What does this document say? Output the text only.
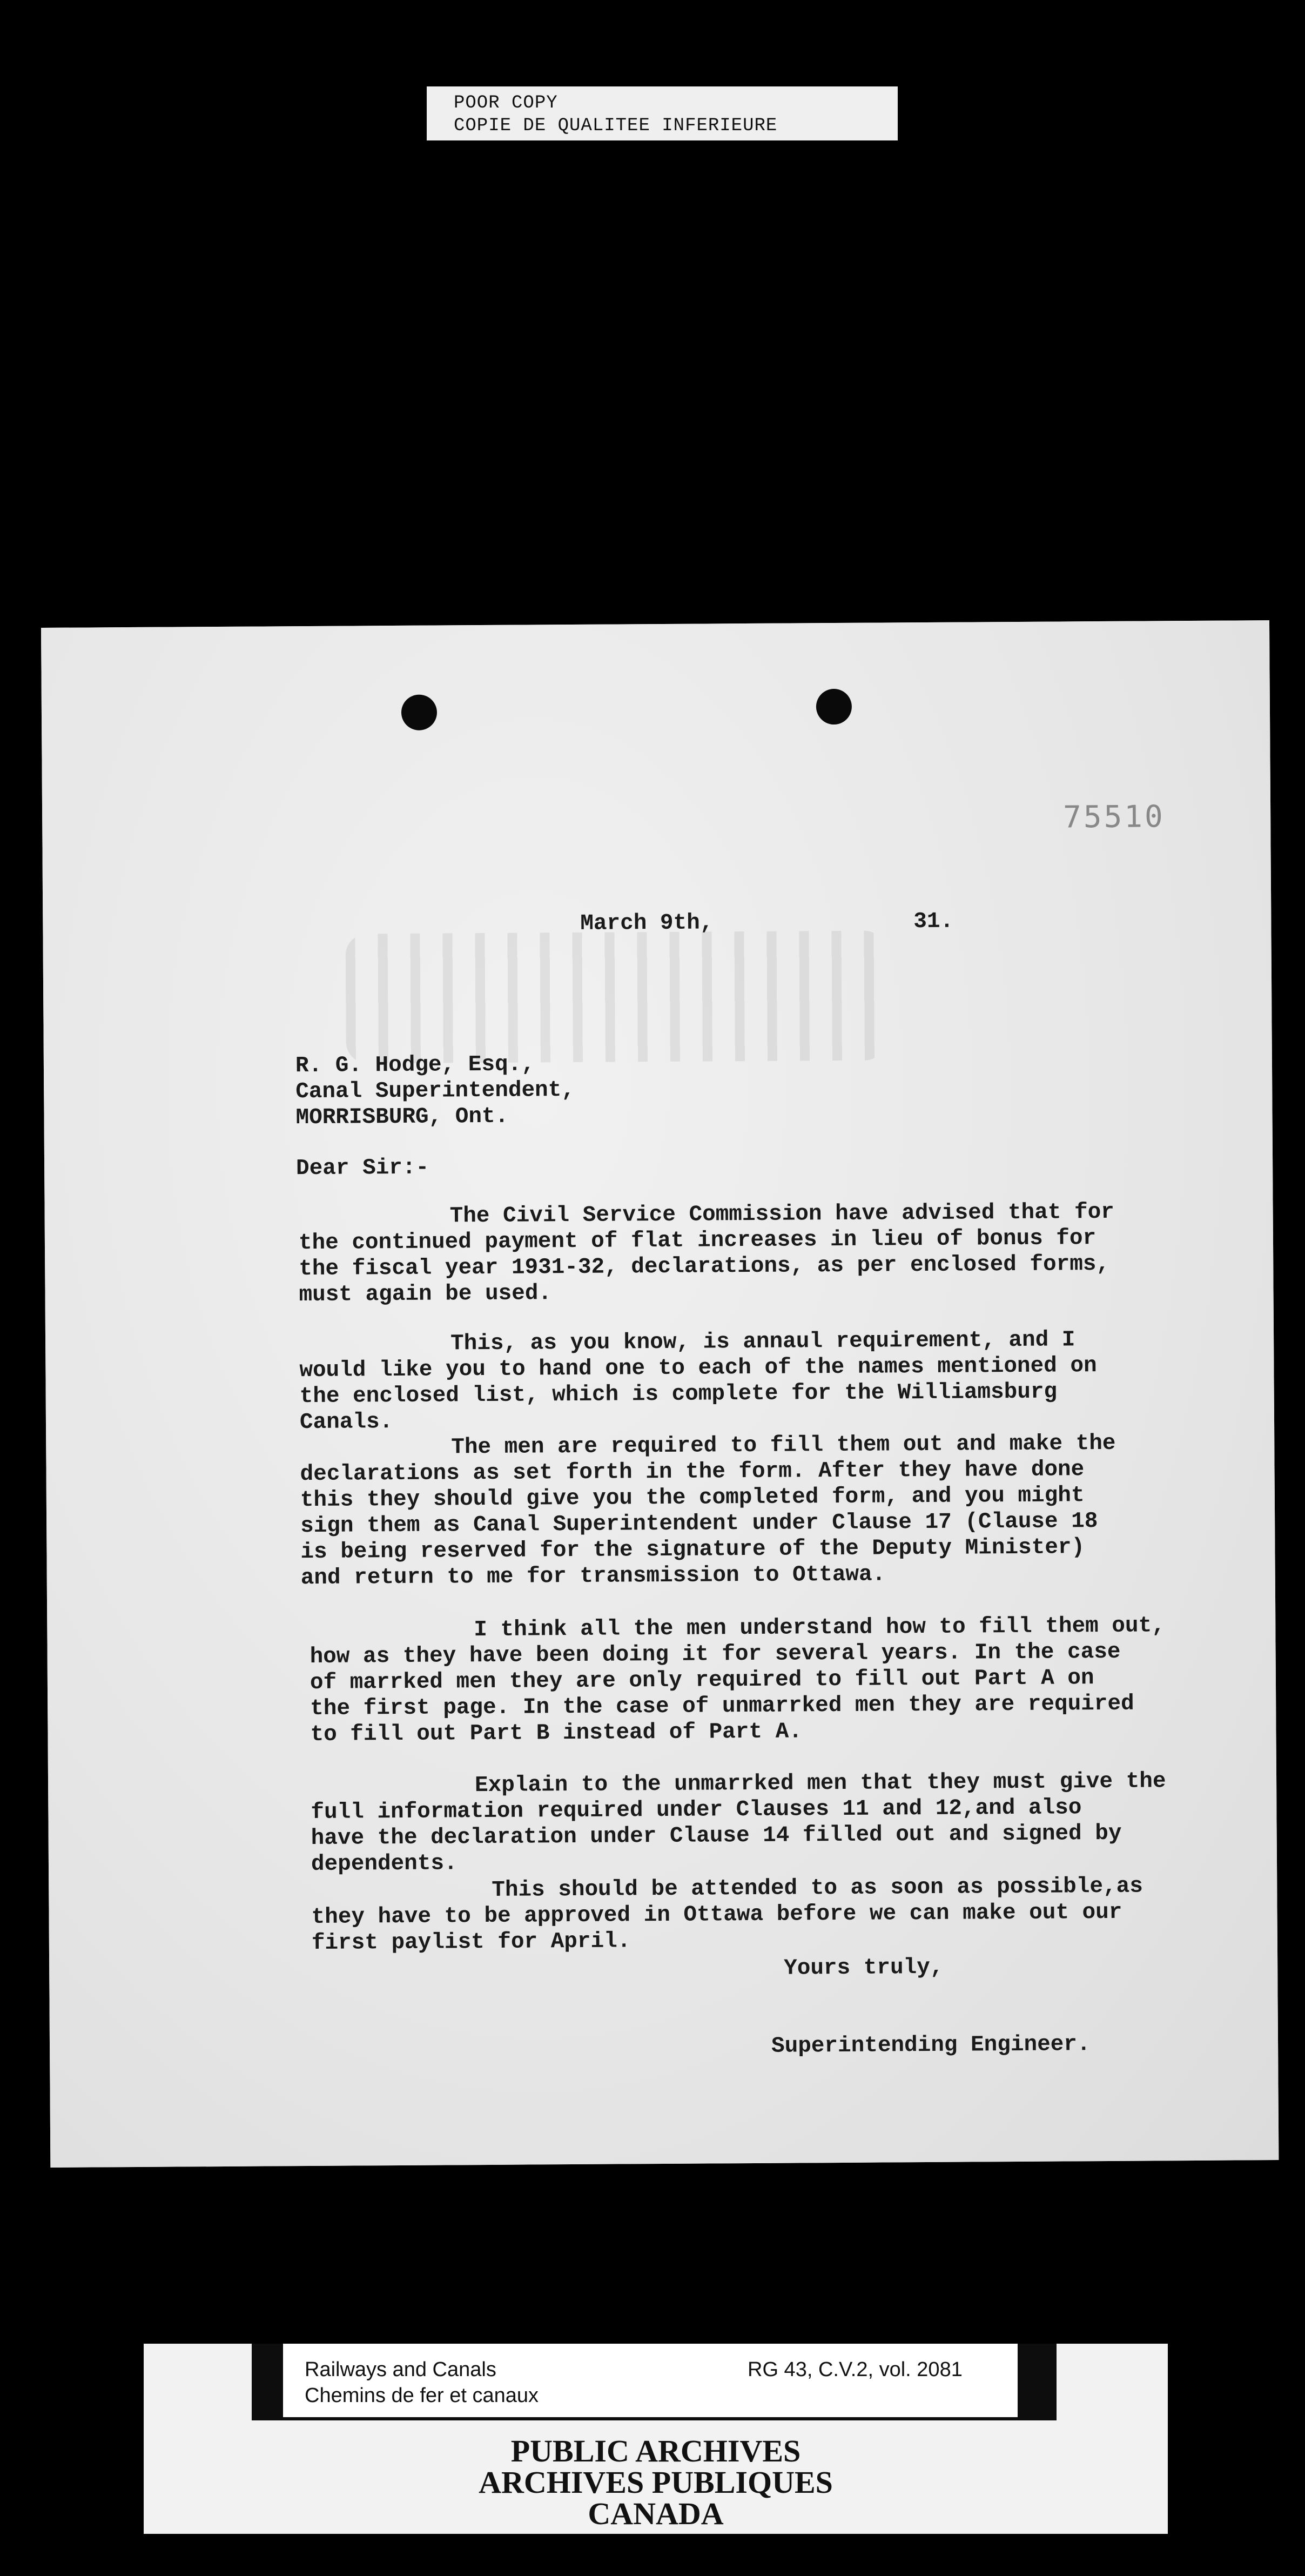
POOR COPY
COPIE DE QUALITEE INFERIEURE
75510
March 9th,	31.
R. G. Hodge, Esq.,
Canal Superintendent,
MORRISBURG, Ont.
Dear Sir:-
The Civil Service Commission have advised that for
the continued payment of flat increases in lieu of bonus for
the fiscal year 1931-32, declarations, as per enclosed forms,
must again be used.
This, as you know, is annaul requirement, and I
would like you to hand one to each of the names mentioned on
the enclosed list, which is complete for the Williamsburg
Canals.
The men are required to fill them out and make the
declarations as set forth in the form. After they have done
this they should give you the completed form, and you might
sign them as Canal Superintendent under Clause 17 (Clause 18
is being reserved for the signature of the Deputy Minister)
and return to me for transmission to Ottawa.
I think all the men understand how to fill them out,
how as they have been doing it for several years. In the case
of marrked men they are only required to fill out Part A on
the first page. In the case of unmarrked men they are required
to fill out Part B instead of Part A.
Explain to the unmarrked men that they must give the
full information required under Clauses 11 and 12,and also
have the declaration under Clause 14 filled out and signed by
dependents.
This should be attended to as soon as possible,as
they have to be approved in Ottawa before we can make out our
first paylist for April.
Yours truly,
Superintending Engineer.
Railways and Canals
Chemins de fer et canaux
RG 43, C.V.2, vol. 2081
PUBLIC ARCHIVES
ARCHIVES PUBLIQUES
CANADA
